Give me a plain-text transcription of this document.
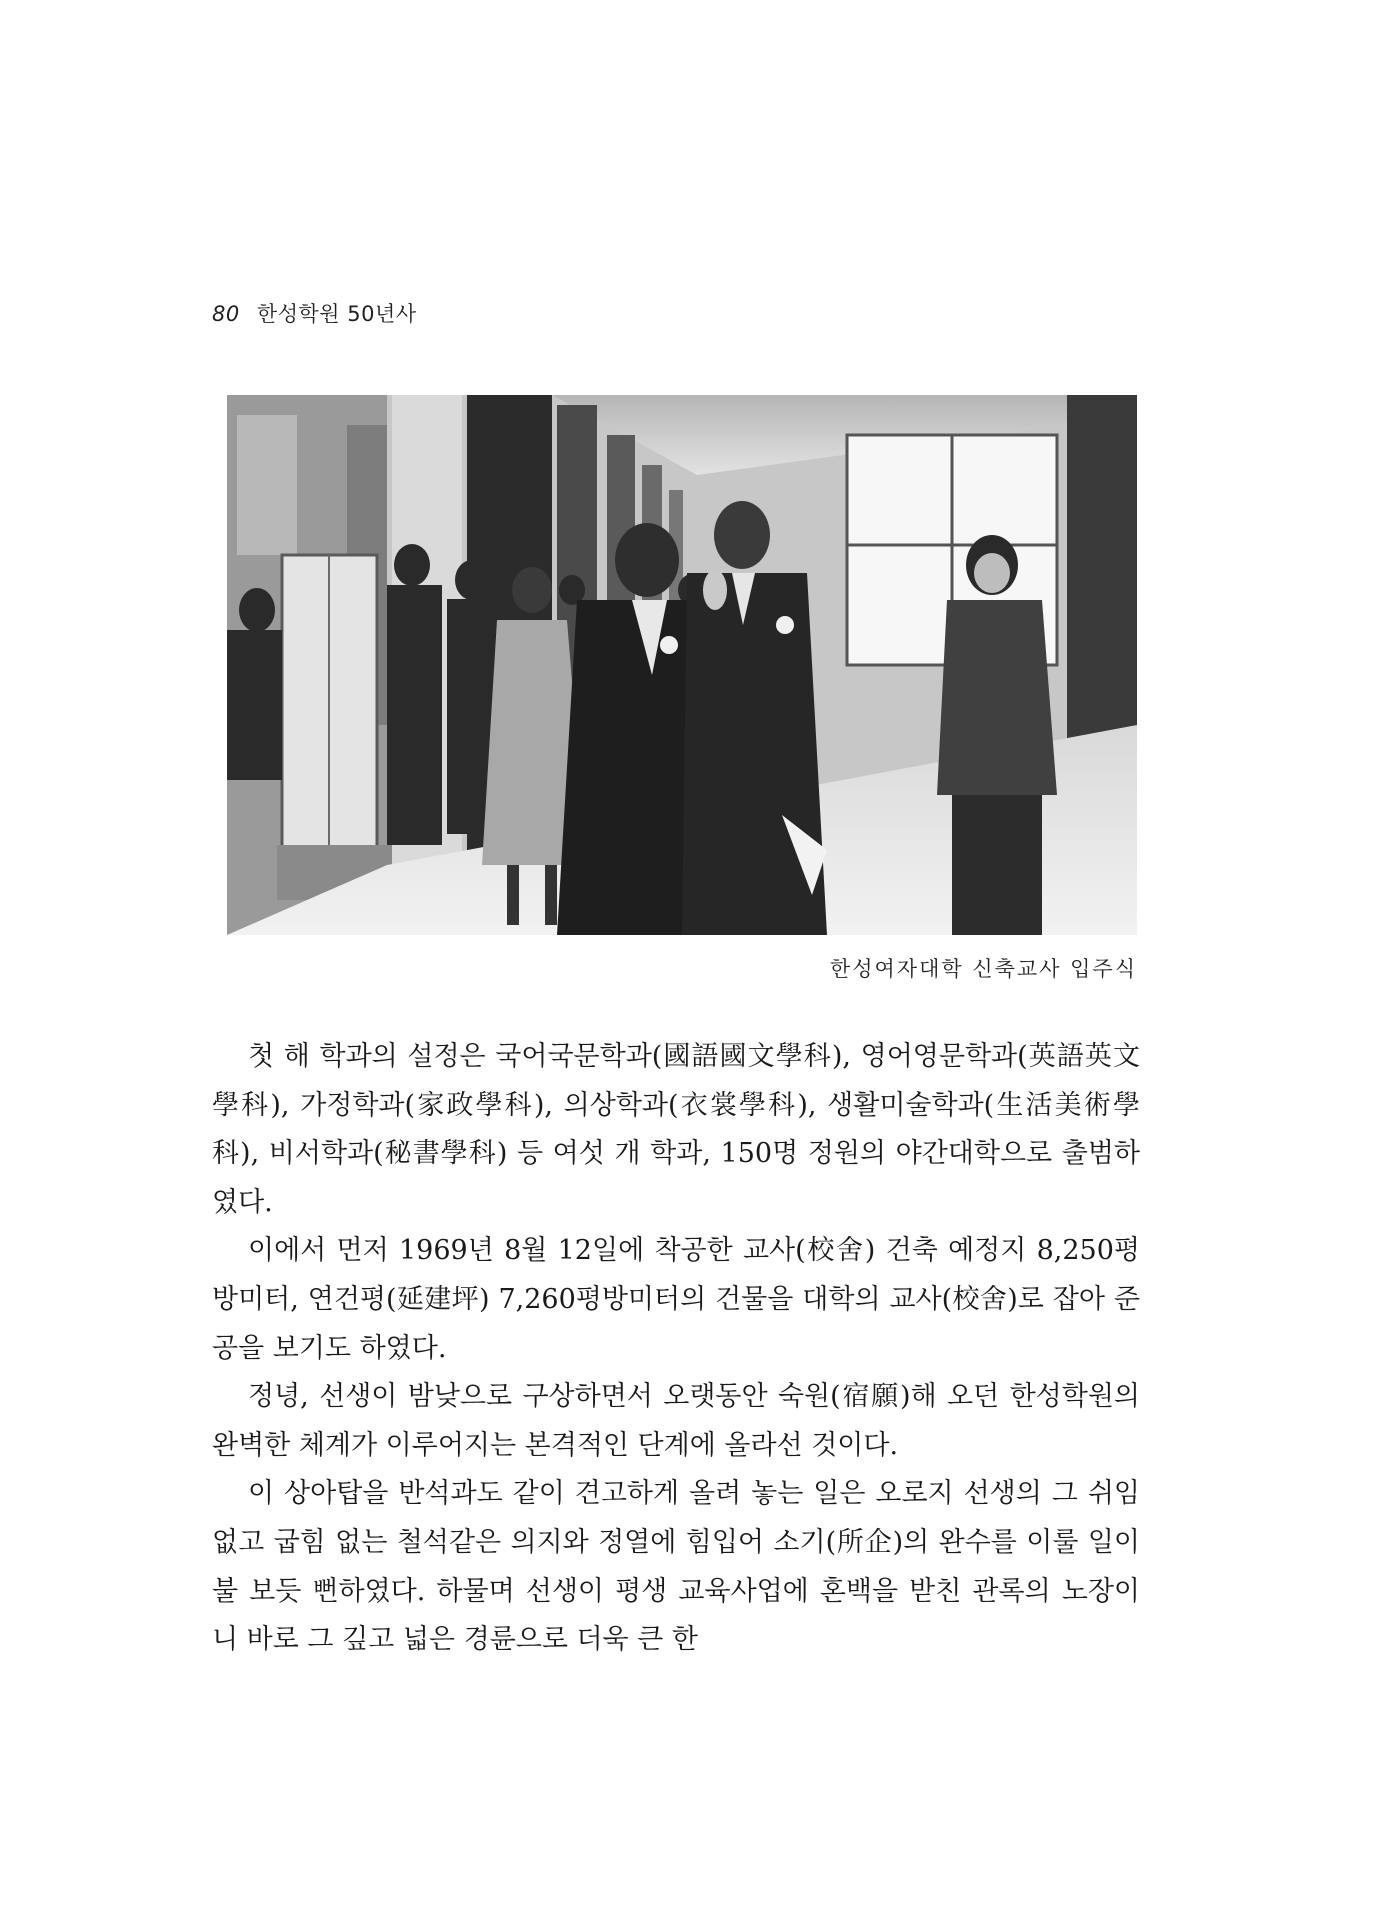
80 한성학원 50년사
한성여자대학 신축교사 입주식

첫 해 학과의 설정은 국어국문학과(國語國文學科), 영어영문학과(英語英文學科), 가정학과(家政學科), 의상학과(衣裳學科), 생활미술학과(生活美術學科), 비서학과(秘書學科) 등 여섯 개 학과, 150명 정원의 야간대학으로 출범하였다.

이에서 먼저 1969년 8월 12일에 착공한 교사(校舍) 건축 예정지 8,250평방미터, 연건평(延建坪) 7,260평방미터의 건물을 대학의 교사(校舍)로 잡아 준공을 보기도 하였다.

정녕, 선생이 밤낮으로 구상하면서 오랫동안 숙원(宿願)해 오던 한성학원의 완벽한 체계가 이루어지는 본격적인 단계에 올라선 것이다.

이 상아탑을 반석과도 같이 견고하게 올려 놓는 일은 오로지 선생의 그 쉬임 없고 굽힘 없는 철석같은 의지와 정열에 힘입어 소기(所企)의 완수를 이룰 일이 불 보듯 뻔하였다. 하물며 선생이 평생 교육사업에 혼백을 받친 관록의 노장이니 바로 그 깊고 넓은 경륜으로 더욱 큰 한
